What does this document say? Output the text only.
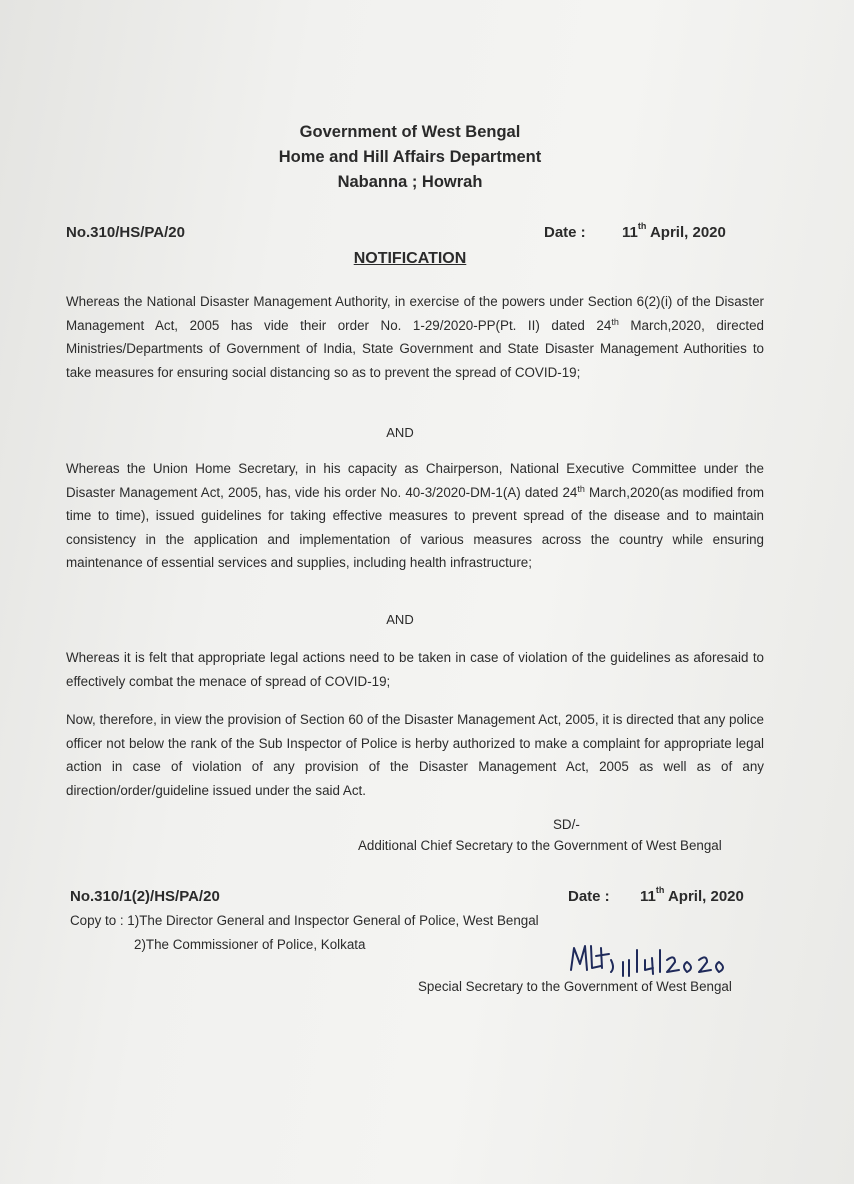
Government of West Bengal
Home and Hill Affairs Department
Nabanna ; Howrah
No.310/HS/PA/20	Date : 11th April, 2020
NOTIFICATION
Whereas the National Disaster Management Authority, in exercise of the powers under Section 6(2)(i) of the Disaster Management Act, 2005 has vide their order No. 1-29/2020-PP(Pt. II) dated 24th March,2020, directed Ministries/Departments of Government of India, State Government and State Disaster Management Authorities to take measures for ensuring social distancing so as to prevent the spread of COVID-19;
AND
Whereas the Union Home Secretary, in his capacity as Chairperson, National Executive Committee under the Disaster Management Act, 2005, has, vide his order No. 40-3/2020-DM-1(A) dated 24th March,2020(as modified from time to time), issued guidelines for taking effective measures to prevent spread of the disease and to maintain consistency in the application and implementation of various measures across the country while ensuring maintenance of essential services and supplies, including health infrastructure;
AND
Whereas it is felt that appropriate legal actions need to be taken in case of violation of the guidelines as aforesaid to effectively combat the menace of spread of COVID-19;
Now, therefore, in view the provision of Section 60 of the Disaster Management Act, 2005, it is directed that any police officer not below the rank of the Sub Inspector of Police is herby authorized to make a complaint for appropriate legal action in case of violation of any provision of the Disaster Management Act, 2005 as well as of any direction/order/guideline issued under the said Act.
SD/-
Additional Chief Secretary to the Government of West Bengal
No.310/1(2)/HS/PA/20	Date : 11th April, 2020
Copy to : 1)The Director General and Inspector General of Police, West Bengal
2)The Commissioner of Police, Kolkata
Special Secretary to the Government of West Bengal
